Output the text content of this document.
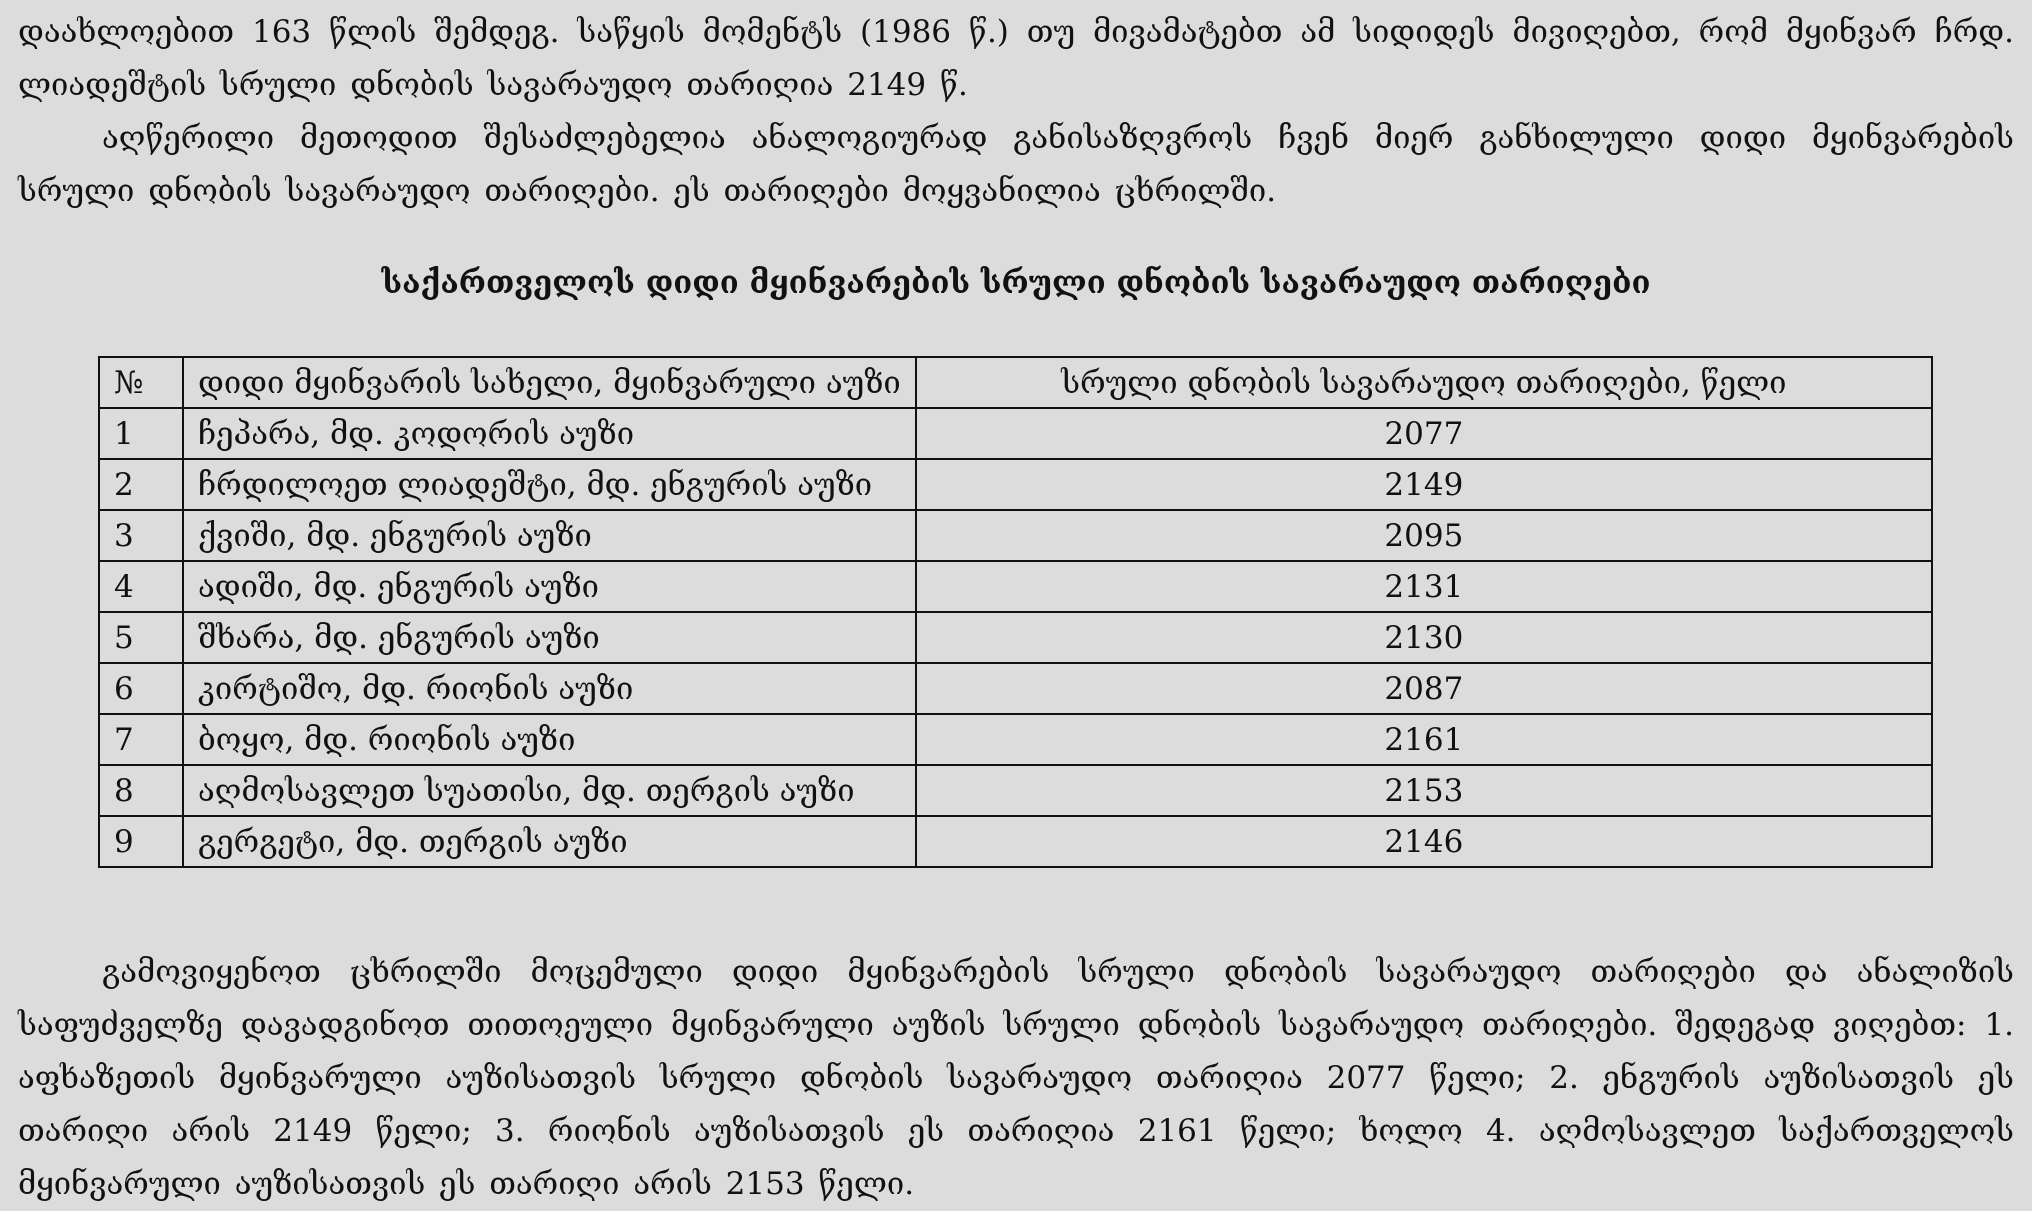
დაახლოებით 163 წლის შემდეგ. საწყის მომენტს (1986 წ.) თუ მივამატებთ ამ სიდიდეს მივიღებთ, რომ მყინვარ ჩრდ. ლიადეშტის სრული დნობის სავარაუდო თარიღია 2149 წ.

აღწერილი მეთოდით შესაძლებელია ანალოგიურად განისაზღვროს ჩვენ მიერ განხილული დიდი მყინვარების სრული დნობის სავარაუდო თარიღები. ეს თარიღები მოყვანილია ცხრილში.

საქართველოს დიდი მყინვარების სრული დნობის სავარაუდო თარიღები

№	დიდი მყინვარის სახელი, მყინვარული აუზი	სრული დნობის სავარაუდო თარიღები, წელი
1	ჩეპარა, მდ. კოდორის აუზი	2077
2	ჩრდილოეთ ლიადეშტი, მდ. ენგურის აუზი	2149
3	ქვიში, მდ. ენგურის აუზი	2095
4	ადიში, მდ. ენგურის აუზი	2131
5	შხარა, მდ. ენგურის აუზი	2130
6	კირტიშო, მდ. რიონის აუზი	2087
7	ბოყო, მდ. რიონის აუზი	2161
8	აღმოსავლეთ სუათისი, მდ. თერგის აუზი	2153
9	გერგეტი, მდ. თერგის აუზი	2146

გამოვიყენოთ ცხრილში მოცემული დიდი მყინვარების სრული დნობის სავარაუდო თარიღები და ანალიზის საფუძველზე დავადგინოთ თითოეული მყინვარული აუზის სრული დნობის სავარაუდო თარიღები. შედეგად ვიღებთ: 1. აფხაზეთის მყინვარული აუზისათვის სრული დნობის სავარაუდო თარიღია 2077 წელი; 2. ენგურის აუზისათვის ეს თარიღი არის 2149 წელი; 3. რიონის აუზისათვის ეს თარიღია 2161 წელი; ხოლო 4. აღმოსავლეთ საქართველოს მყინვარული აუზისათვის ეს თარიღი არის 2153 წელი.
